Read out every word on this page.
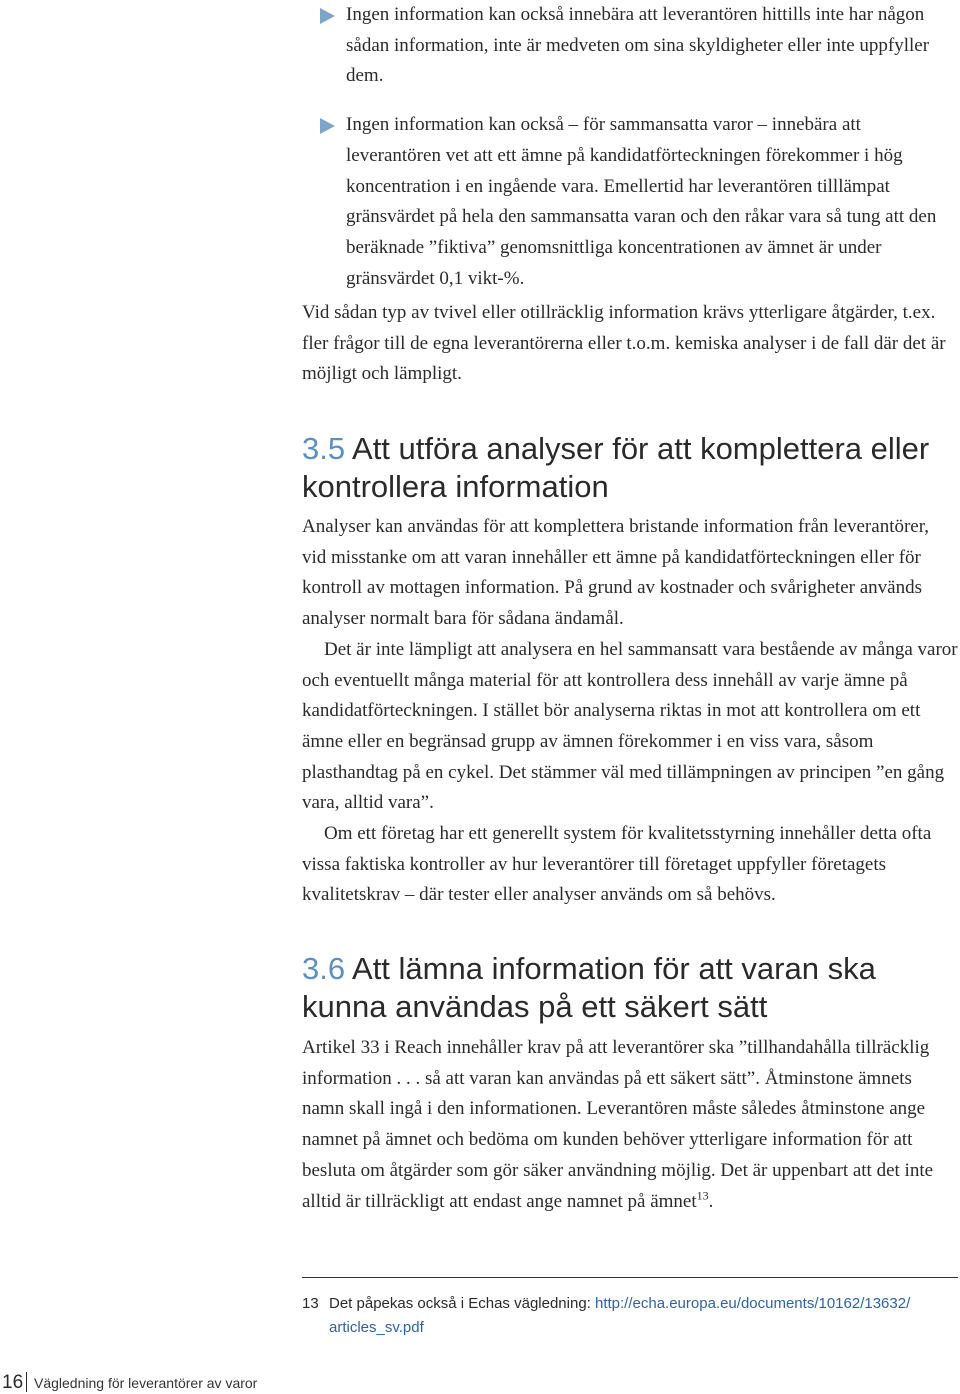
Ingen information kan också innebära att leverantören hittills inte har någon sådan information, inte är medveten om sina skyldigheter eller inte uppfyller dem.
Ingen information kan också – för sammansatta varor – innebära att leverantören vet att ett ämne på kandidatförteckningen förekommer i hög koncentration i en ingående vara. Emellertid har leverantören tilllämpat gränsvärdet på hela den sammansatta varan och den råkar vara så tung att den beräknade ”fiktiva” genomsnittliga koncentrationen av ämnet är under gränsvärdet 0,1 vikt-%.

Vid sådan typ av tvivel eller otillräcklig information krävs ytterligare åtgärder, t.ex. fler frågor till de egna leverantörerna eller t.o.m. kemiska analyser i de fall där det är möjligt och lämpligt.

3.5 Att utföra analyser för att komplettera eller kontrollera information

Analyser kan användas för att komplettera bristande information från leverantörer, vid misstanke om att varan innehåller ett ämne på kandidatförteckningen eller för kontroll av mottagen information. På grund av kostnader och svårigheter används analyser normalt bara för sådana ändamål.

Det är inte lämpligt att analysera en hel sammansatt vara bestående av många varor och eventuellt många material för att kontrollera dess innehåll av varje ämne på kandidatförteckningen. I stället bör analyserna riktas in mot att kontrollera om ett ämne eller en begränsad grupp av ämnen förekommer i en viss vara, såsom plasthandtag på en cykel. Det stämmer väl med tillämpningen av principen ”en gång vara, alltid vara”.

Om ett företag har ett generellt system för kvalitetsstyrning innehåller detta ofta vissa faktiska kontroller av hur leverantörer till företaget uppfyller företagets kvalitetskrav – där tester eller analyser används om så behövs.

3.6 Att lämna information för att varan ska kunna användas på ett säkert sätt

Artikel 33 i Reach innehåller krav på att leverantörer ska ”tillhandahålla tillräcklig information . . . så att varan kan användas på ett säkert sätt”. Åtminstone ämnets namn skall ingå i den informationen. Leverantören måste således åtminstone ange namnet på ämnet och bedöma om kunden behöver ytterligare information för att besluta om åtgärder som gör säker användning möjlig. Det är uppenbart att det inte alltid är tillräckligt att endast ange namnet på ämnet$^{13}$.

13 Det påpekas också i Echas vägledning: http://echa.europa.eu/documents/10162/13632/
articles_sv.pdf
16 Vägledning för leverantörer av varor
